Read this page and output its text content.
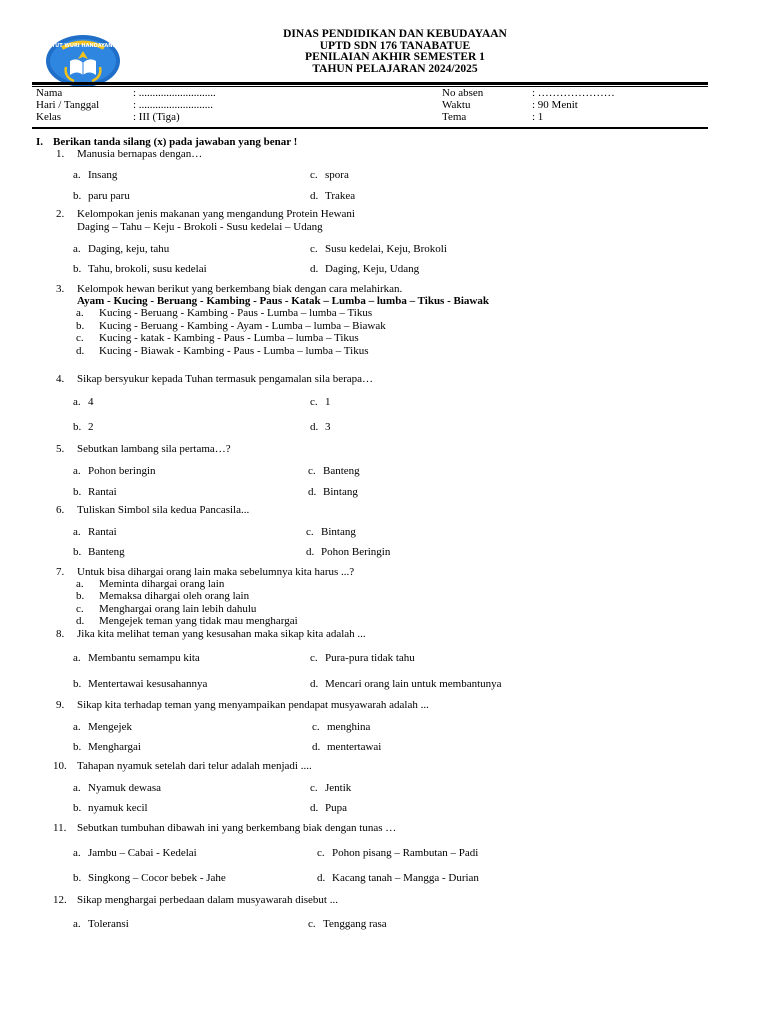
TUT WURI HANDAYANI
DINAS PENDIDIKAN DAN KEBUDAYAAN
UPTD SDN 176 TANABATUE
PENILAIAN AKHIR SEMESTER 1
TAHUN PELAJARAN 2024/2025
Nama	: ............................
Hari / Tanggal	: ...........................
Kelas	: III (Tiga)
No absen	: …………………
Waktu	: 90 Menit
Tema	: 1
I. Berikan tanda silang (x) pada jawaban yang benar !
1. Manusia bernapas dengan…
a. Insang	c. spora
b. paru paru	d. Trakea
2. Kelompokan jenis makanan yang mengandung Protein Hewani
Daging – Tahu – Keju - Brokoli - Susu kedelai – Udang
a. Daging, keju, tahu	c. Susu kedelai, Keju, Brokoli
b. Tahu, brokoli, susu kedelai	d. Daging, Keju, Udang
3. Kelompok hewan berikut yang berkembang biak dengan cara melahirkan.
Ayam - Kucing - Beruang - Kambing - Paus - Katak – Lumba – lumba – Tikus - Biawak
a. Kucing - Beruang - Kambing - Paus - Lumba – lumba – Tikus
b. Kucing - Beruang - Kambing - Ayam - Lumba – lumba – Biawak
c. Kucing - katak - Kambing - Paus - Lumba – lumba – Tikus
d. Kucing - Biawak - Kambing - Paus - Lumba – lumba – Tikus
4. Sikap bersyukur kepada Tuhan termasuk pengamalan sila berapa…
a. 4	c. 1
b. 2	d. 3
5. Sebutkan lambang sila pertama…?
a. Pohon beringin	c. Banteng
b. Rantai	d. Bintang
6. Tuliskan Simbol sila kedua Pancasila...
a. Rantai	c. Bintang
b. Banteng	d. Pohon Beringin
7. Untuk bisa dihargai orang lain maka sebelumnya kita harus ...?
a. Meminta dihargai orang lain
b. Memaksa dihargai oleh orang lain
c. Menghargai orang lain lebih dahulu
d. Mengejek teman yang tidak mau menghargai
8. Jika kita melihat teman yang kesusahan maka sikap kita adalah ...
a. Membantu semampu kita	c. Pura-pura tidak tahu
b. Mentertawai kesusahannya	d. Mencari orang lain untuk membantunya
9. Sikap kita terhadap teman yang menyampaikan pendapat musyawarah adalah ...
a. Mengejek	c. menghina
b. Menghargai	d. mentertawai
10. Tahapan nyamuk setelah dari telur adalah menjadi ....
a. Nyamuk dewasa	c. Jentik
b. nyamuk kecil	d. Pupa
11. Sebutkan tumbuhan dibawah ini yang berkembang biak dengan tunas …
a. Jambu – Cabai - Kedelai	c. Pohon pisang – Rambutan – Padi
b. Singkong – Cocor bebek - Jahe	d. Kacang tanah – Mangga - Durian
12. Sikap menghargai perbedaan dalam musyawarah disebut ...
a. Toleransi	c. Tenggang rasa
